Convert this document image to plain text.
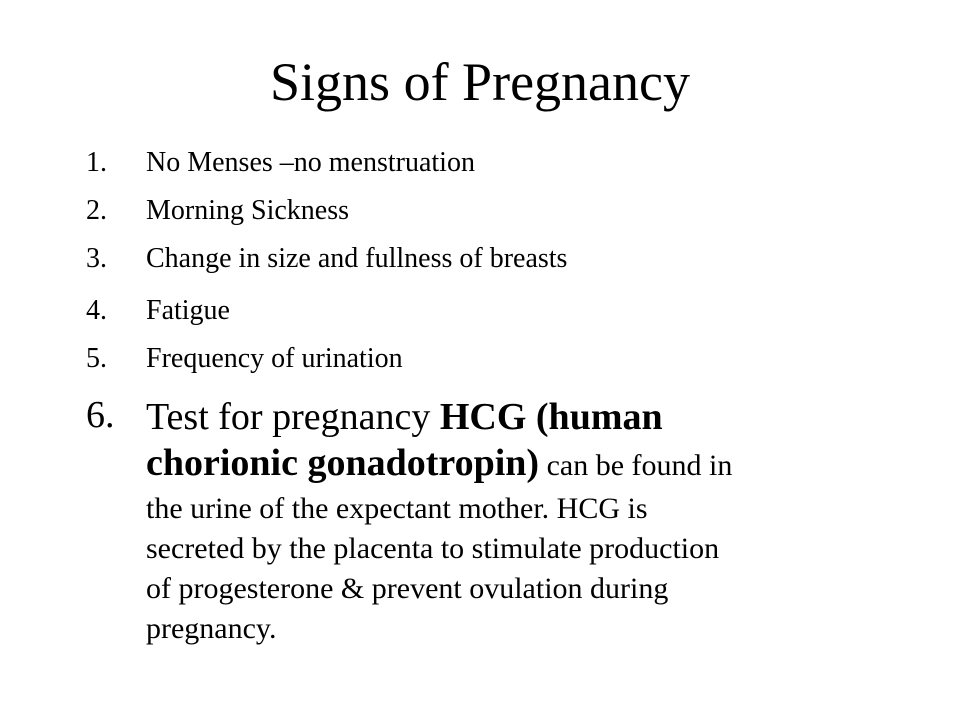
Signs of Pregnancy
1. No Menses –no menstruation
2. Morning Sickness
3. Change in size and fullness of breasts
4. Fatigue
5. Frequency of urination
6. Test for pregnancy HCG (human
chorionic gonadotropin) can be found in
the urine of the expectant mother. HCG is
secreted by the placenta to stimulate production
of progesterone & prevent ovulation during
pregnancy.
